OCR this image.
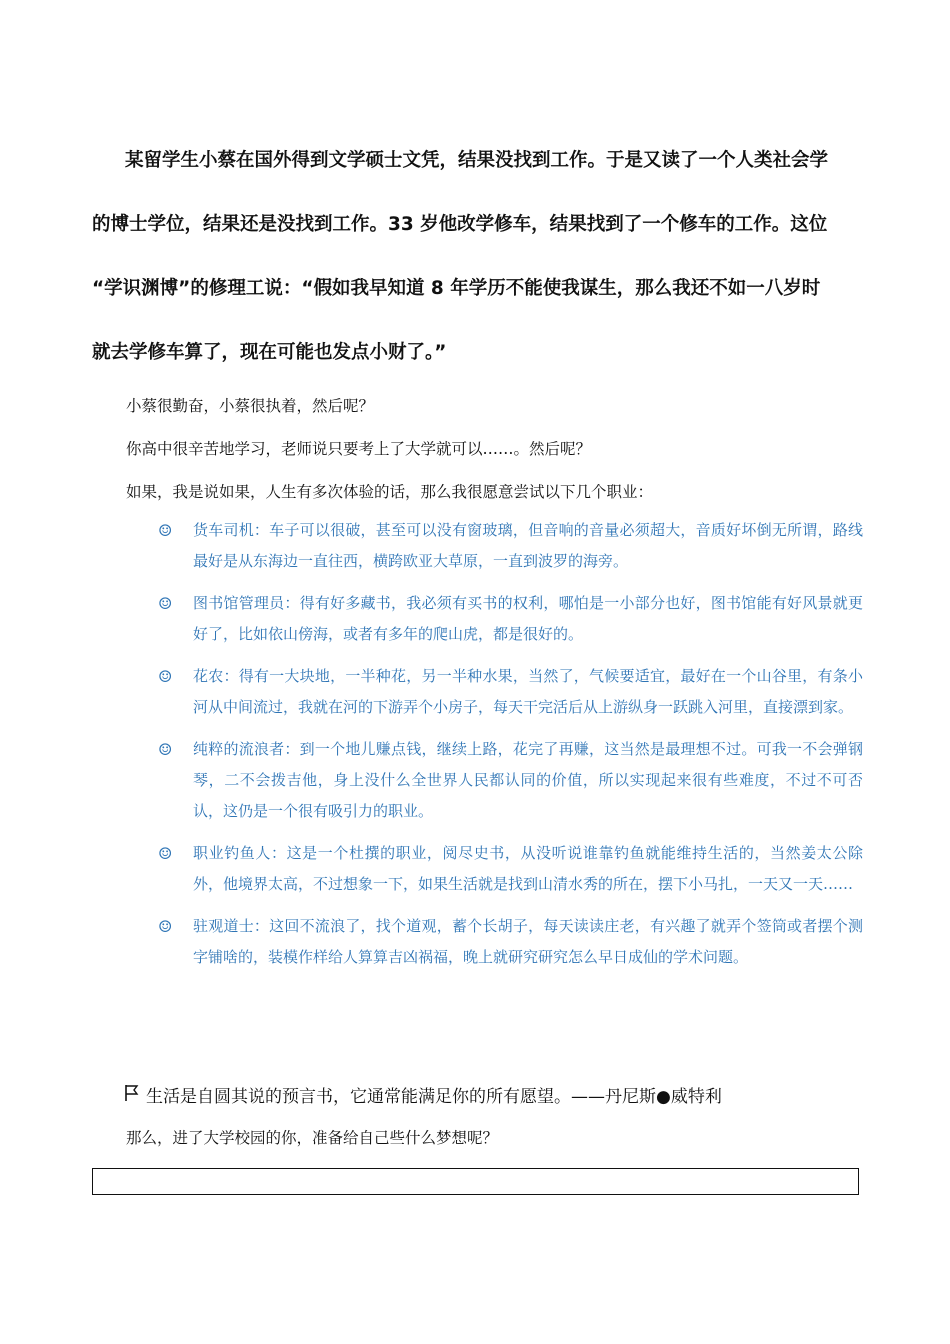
某留学生小蔡在国外得到文学硕士文凭，结果没找到工作。于是又读了一个人类社会学
的博士学位，结果还是没找到工作。33 岁他改学修车，结果找到了一个修车的工作。这位
“学识渊博”的修理工说：“假如我早知道 8 年学历不能使我谋生，那么我还不如一八岁时
就去学修车算了，现在可能也发点小财了。”
小蔡很勤奋，小蔡很执着，然后呢？
你高中很辛苦地学习，老师说只要考上了大学就可以……。然后呢？
如果，我是说如果，人生有多次体验的话，那么我很愿意尝试以下几个职业：
☺	货车司机：车子可以很破，甚至可以没有窗玻璃，但音响的音量必须超大，音质好坏倒无所谓，路线最好是从东海边一直往西，横跨欧亚大草原，一直到波罗的海旁。
☺	图书馆管理员：得有好多藏书，我必须有买书的权利，哪怕是一小部分也好，图书馆能有好风景就更好了，比如依山傍海，或者有多年的爬山虎，都是很好的。
☺	花农：得有一大块地，一半种花，另一半种水果，当然了，气候要适宜，最好在一个山谷里，有条小河从中间流过，我就在河的下游弄个小房子，每天干完活后从上游纵身一跃跳入河里，直接漂到家。
☺	纯粹的流浪者：到一个地儿赚点钱，继续上路，花完了再赚，这当然是最理想不过。可我一不会弹钢琴，二不会拨吉他，身上没什么全世界人民都认同的价值，所以实现起来很有些难度，不过不可否认，这仍是一个很有吸引力的职业。
☺	职业钓鱼人：这是一个杜撰的职业，阅尽史书，从没听说谁靠钓鱼就能维持生活的，当然姜太公除外，他境界太高，不过想象一下，如果生活就是找到山清水秀的所在，摆下小马扎，一天又一天……
☺	驻观道士：这回不流浪了，找个道观，蓄个长胡子，每天读读庄老，有兴趣了就弄个签筒或者摆个测字铺啥的，装模作样给人算算吉凶祸福，晚上就研究研究怎么早日成仙的学术问题。
生活是自圆其说的预言书，它通常能满足你的所有愿望。——丹尼斯●威特利
那么，进了大学校园的你，准备给自己些什么梦想呢？
